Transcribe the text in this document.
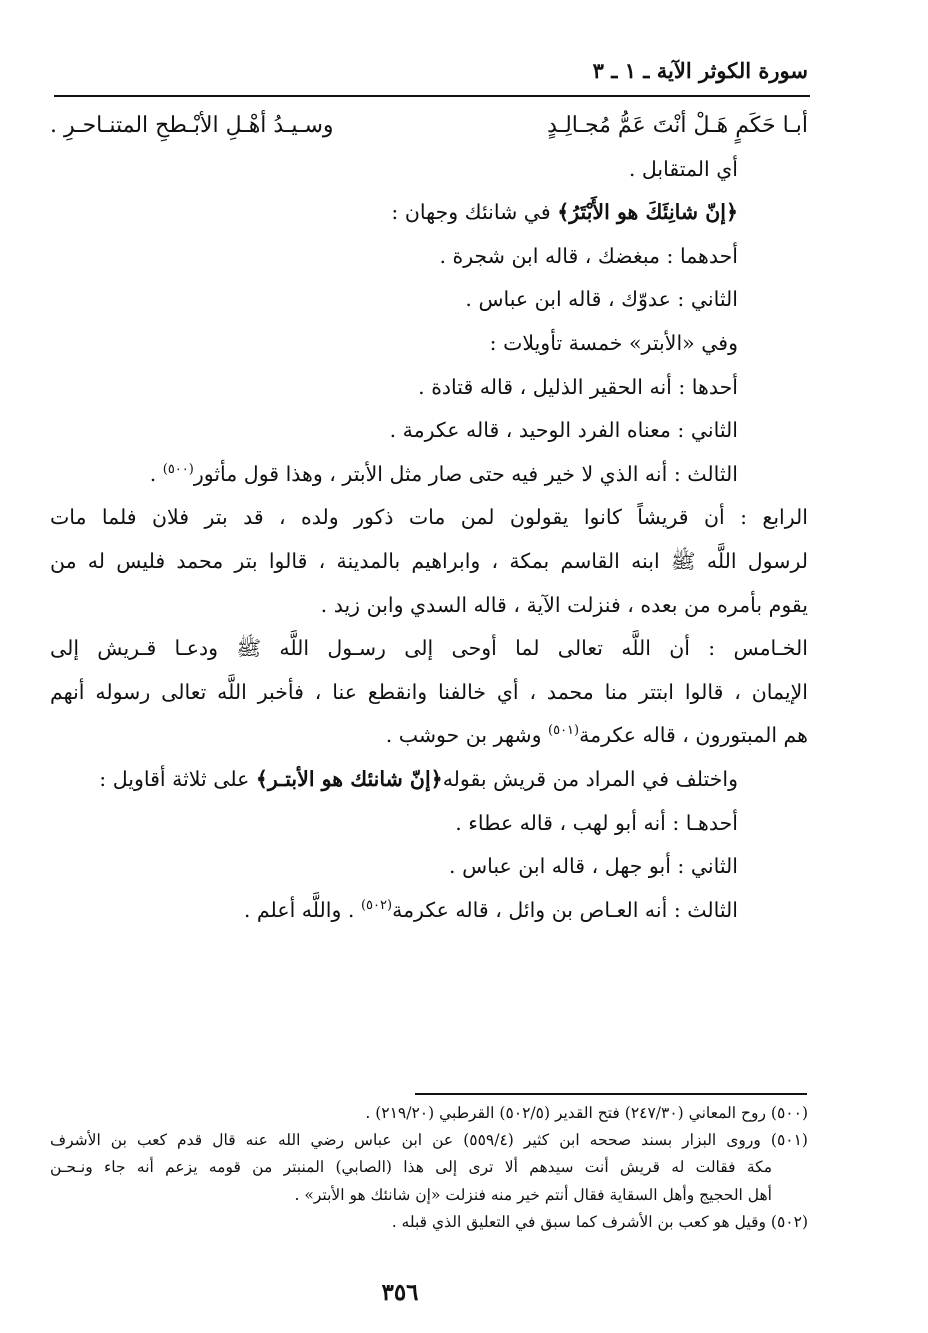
سورة الكوثر الآية ـ ١ ـ ٣
أبـا حَكَمٍ هَـلْ أنْتَ عَمُّ مُجـالِـدٍ
وسـيـدُ أهْـلِ الأبْـطحِ المتنـاحـرِ .

أي المتقابل .

﴿إنّ شانِئَكَ هو الأَبْتَرُ﴾ في شانئك وجهان :

أحدهما : مبغضك ، قاله ابن شجرة .

الثاني : عدوّك ، قاله ابن عباس .

وفي «الأبتر» خمسة تأويلات :

أحدها : أنه الحقير الذليل ، قاله قتادة .

الثاني : معناه الفرد الوحيد ، قاله عكرمة .

الثالث : أنه الذي لا خير فيه حتى صار مثل الأبتر ، وهذا قول مأثور$^{(٥٠٠)}$ .

الرابع : أن قريشاً كانوا يقولون لمن مات ذكور ولده ، قد بتر فلان فلما مات

لرسول اللَّه ﷺ ابنه القاسم بمكة ، وابراهيم بالمدينة ، قالوا بتر محمد فليس له من

يقوم بأمره من بعده ، فنزلت الآية ، قاله السدي وابن زيد .

الخـامس : أن اللَّه تعالى لما أوحى إلى رسـول اللَّه ﷺ ودعـا قـريش إلى

الإيمان ، قالوا ابتتر منا محمد ، أي خالفنا وانقطع عنا ، فأخبر اللَّه تعالى رسوله أنهم

هم المبتورون ، قاله عكرمة$^{(٥٠١)}$ وشهر بن حوشب .

واختلف في المراد من قريش بقوله﴿إنّ شانئك هو الأبتـر﴾ على ثلاثة أقاويل :

أحدهـا : أنه أبو لهب ، قاله عطاء .

الثاني : أبو جهل ، قاله ابن عباس .

الثالث : أنه العـاص بن وائل ، قاله عكرمة$^{(٥٠٢)}$ . واللَّه أعلم .

(٥٠٠) روح المعاني (٢٤٧/٣٠) فتح القدير (٥٠٢/٥) القرطبي (٢١٩/٢٠) .

(٥٠١) وروى البزار بسند صححه ابن كثير (٥٥٩/٤) عن ابن عباس رضي الله عنه قال قدم كعب بن الأشرف

مكة فقالت له قريش أنت سيدهم ألا ترى إلى هذا (الصابي) المنبتر من قومه يزعم أنه جاء ونـحـن

أهل الحجيج وأهل السقاية فقال أنتم خير منه فنزلت «إن شانئك هو الأبتر» .

(٥٠٢) وقيل هو كعب بن الأشرف كما سبق في التعليق الذي قبله .

٣٥٦
